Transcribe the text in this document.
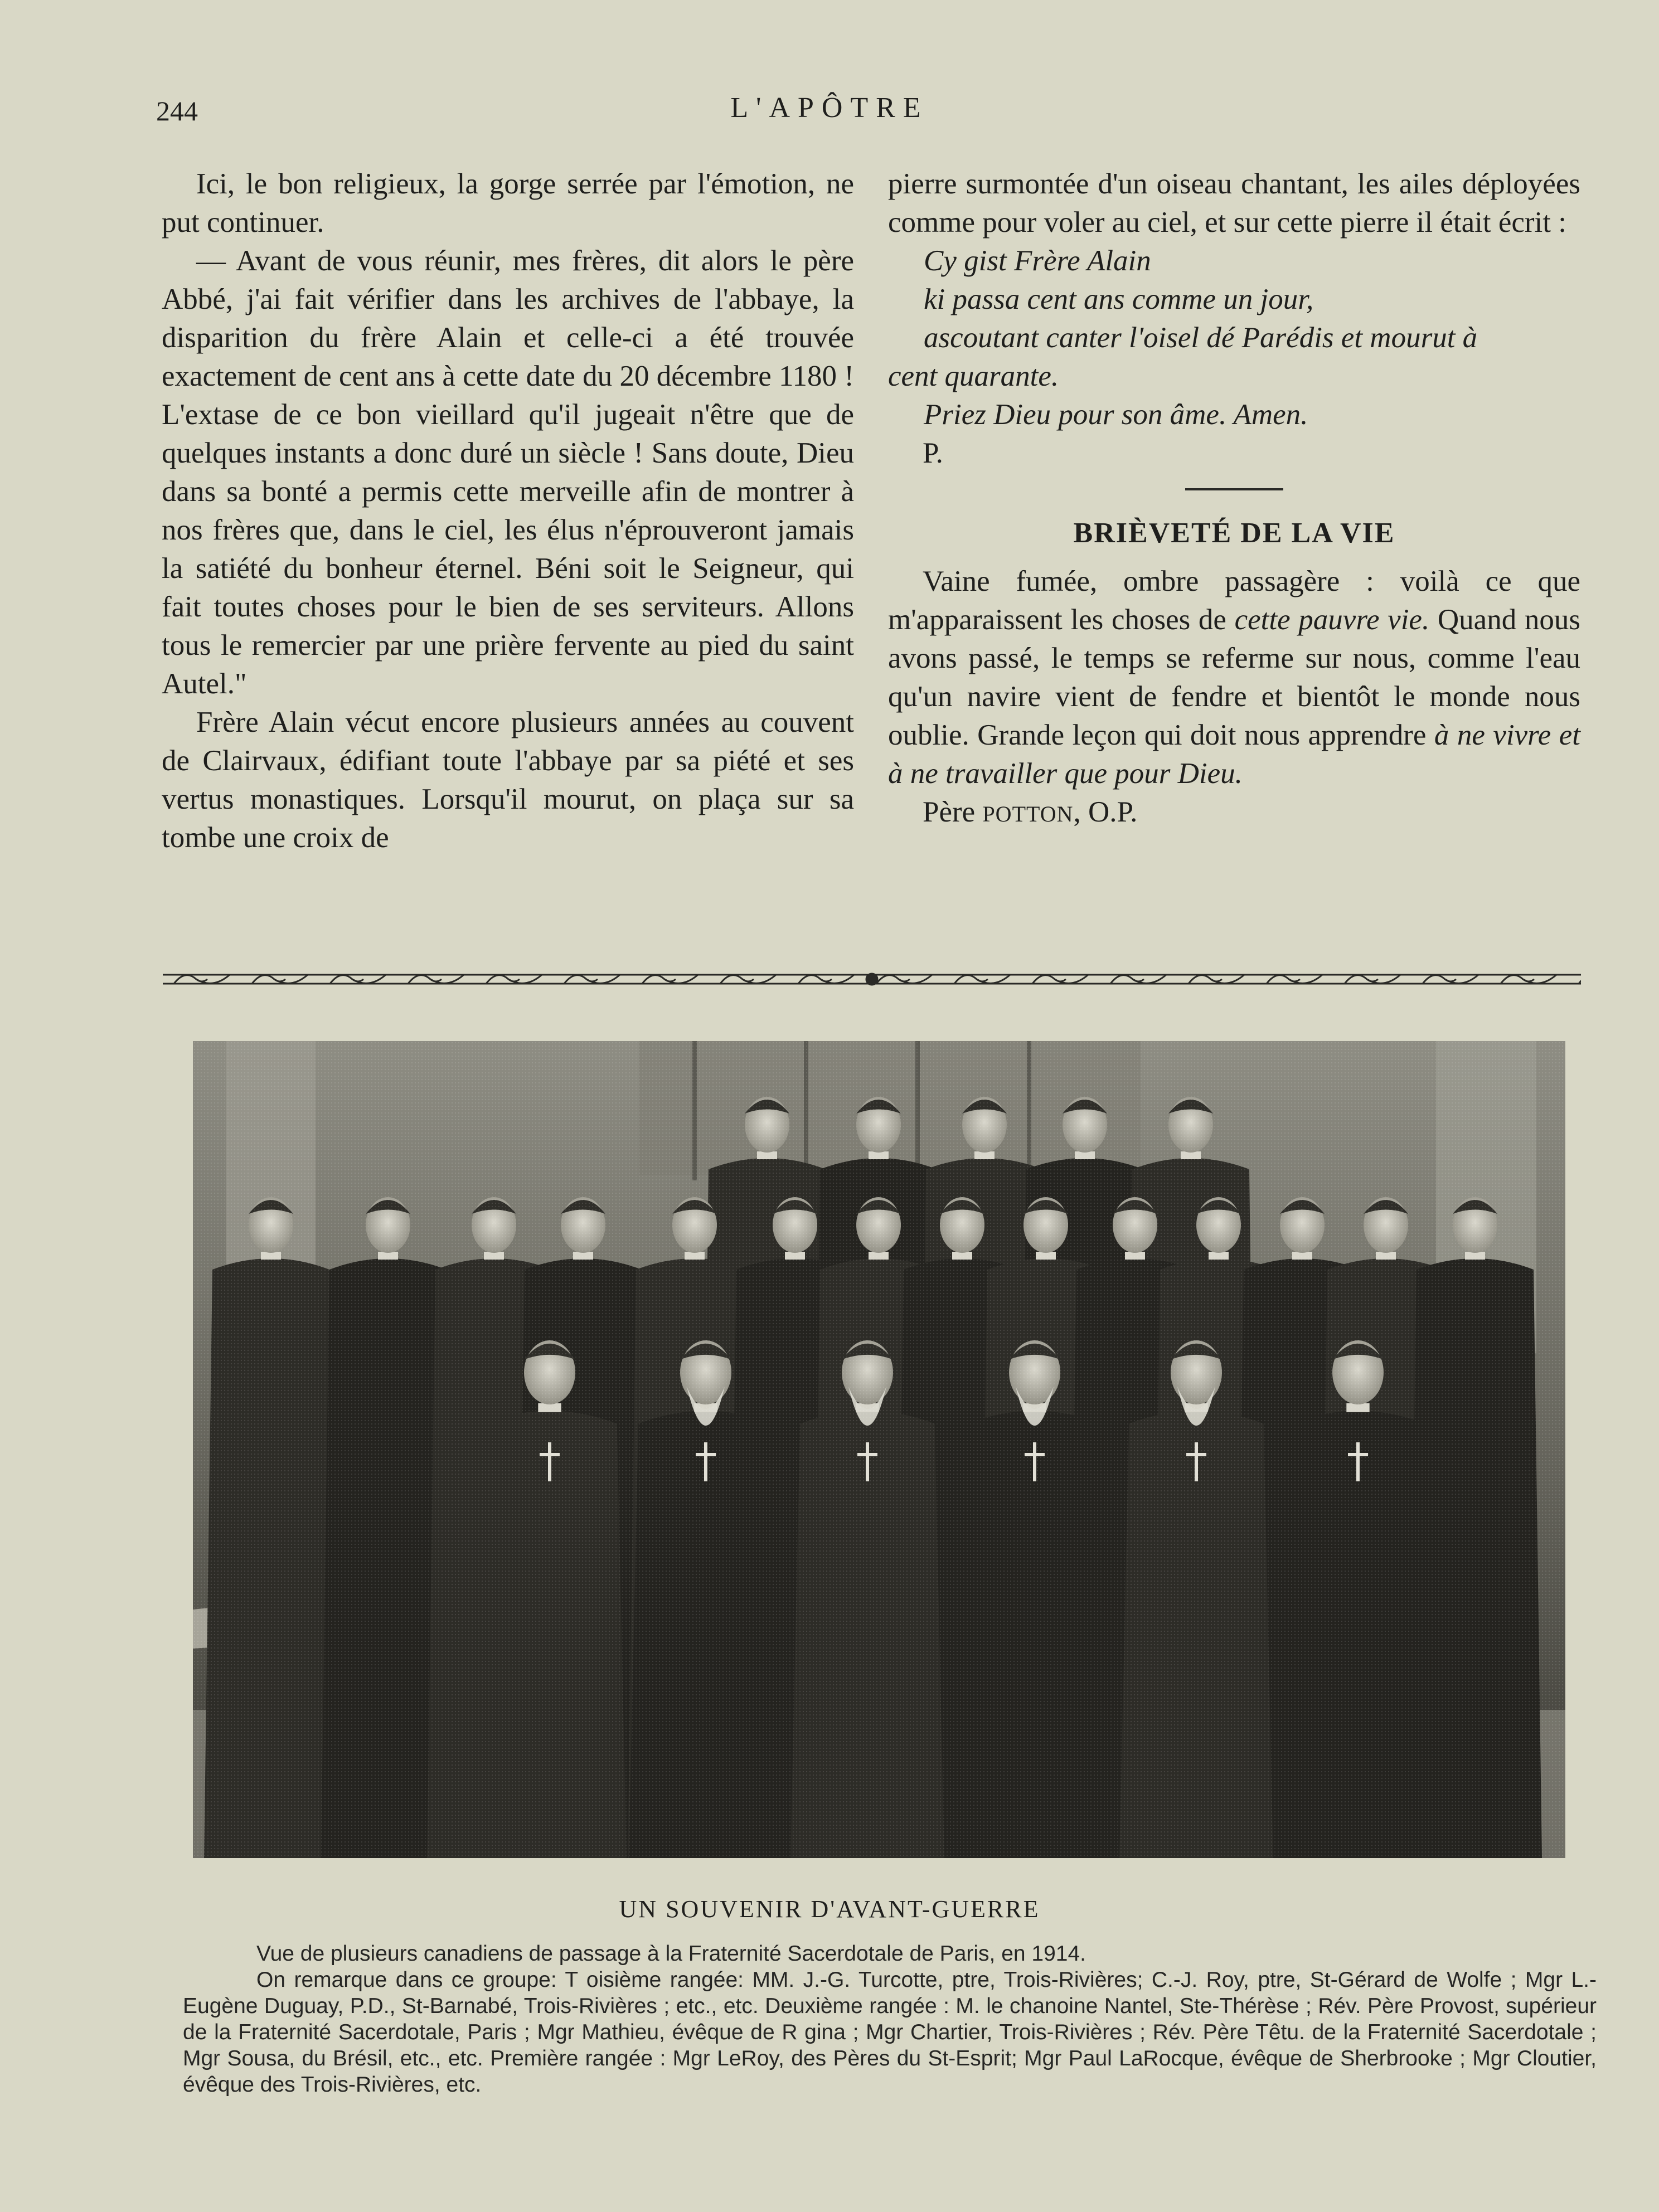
244	L'APÔTRE

Ici, le bon religieux, la gorge serrée par l'émotion, ne put continuer.

— Avant de vous réunir, mes frères, dit alors le père Abbé, j'ai fait vérifier dans les archives de l'abbaye, la disparition du frère Alain et celle-ci a été trouvée exactement de cent ans à cette date du 20 décembre 1180 ! L'extase de ce bon vieillard qu'il jugeait n'être que de quelques instants a donc duré un siècle ! Sans doute, Dieu dans sa bonté a permis cette merveille afin de montrer à nos frères que, dans le ciel, les élus n'éprouveront jamais la satiété du bonheur éternel. Béni soit le Seigneur, qui fait toutes choses pour le bien de ses serviteurs. Allons tous le remercier par une prière fervente au pied du saint Autel."

Frère Alain vécut encore plusieurs années au couvent de Clairvaux, édifiant toute l'abbaye par sa piété et ses vertus monastiques. Lorsqu'il mourut, on plaça sur sa tombe une croix de

pierre surmontée d'un oiseau chantant, les ailes déployées comme pour voler au ciel, et sur cette pierre il était écrit :

Cy gist Frère Alain
ki passa cent ans comme un jour,
ascoutant canter l'oisel dé Parédis et mourut à
cent quarante.
Priez Dieu pour son âme. Amen.

P.

BRIÈVETÉ DE LA VIE

Vaine fumée, ombre passagère : voilà ce que m'apparaissent les choses de cette pauvre vie. Quand nous avons passé, le temps se referme sur nous, comme l'eau qu'un navire vient de fendre et bientôt le monde nous oublie. Grande leçon qui doit nous apprendre à ne vivre et à ne travailler que pour Dieu.

Père POTTON, O.P.

UN SOUVENIR D'AVANT-GUERRE

Vue de plusieurs canadiens de passage à la Fraternité Sacerdotale de Paris, en 1914.

On remarque dans ce groupe: T oisième rangée: MM. J.-G. Turcotte, ptre, Trois-Rivières; C.-J. Roy, ptre, St-Gérard de Wolfe ; Mgr L.-Eugène Duguay, P.D., St-Barnabé, Trois-Rivières ; etc., etc. Deuxième rangée : M. le chanoine Nantel, Ste-Thérèse ; Rév. Père Provost, supérieur de la Fraternité Sacerdotale, Paris ; Mgr Mathieu, évêque de R gina ; Mgr Chartier, Trois-Rivières ; Rév. Père Têtu. de la Fraternité Sacerdotale ; Mgr Sousa, du Brésil, etc., etc. Première rangée : Mgr LeRoy, des Pères du St-Esprit; Mgr Paul LaRocque, évêque de Sherbrooke ; Mgr Cloutier, évêque des Trois-Rivières, etc.
